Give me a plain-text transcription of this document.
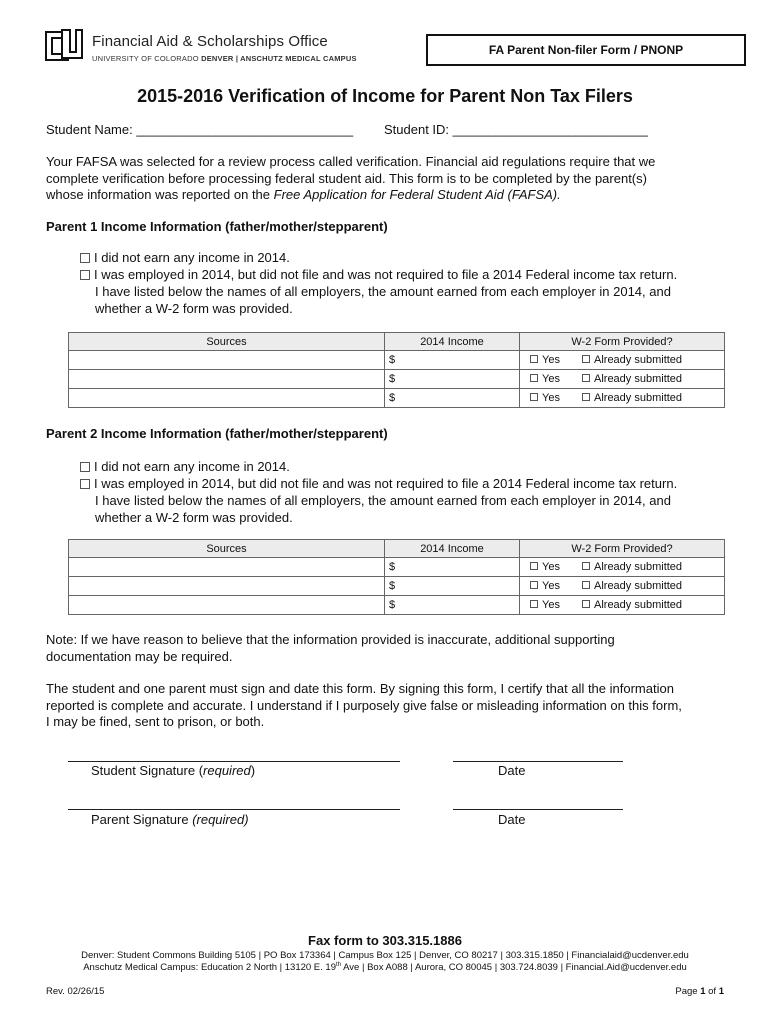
Financial Aid & Scholarships Office
UNIVERSITY OF COLORADO DENVER | ANSCHUTZ MEDICAL CAMPUS
FA Parent Non-filer Form / PNONP
2015-2016 Verification of Income for Parent Non Tax Filers
Student Name: ______________________________ Student ID: ___________________________
Your FAFSA was selected for a review process called verification. Financial aid regulations require that we
complete verification before processing federal student aid. This form is to be completed by the parent(s)
whose information was reported on the Free Application for Federal Student Aid (FAFSA).
Parent 1 Income Information (father/mother/stepparent)
I did not earn any income in 2014.
I was employed in 2014, but did not file and was not required to file a 2014 Federal income tax return.
I have listed below the names of all employers, the amount earned from each employer in 2014, and
whether a W-2 form was provided.
Sources	2014 Income	W-2 Form Provided?
	$	Yes Already submitted
	$	Yes Already submitted
	$	Yes Already submitted
Parent 2 Income Information (father/mother/stepparent)
I did not earn any income in 2014.
I was employed in 2014, but did not file and was not required to file a 2014 Federal income tax return.
I have listed below the names of all employers, the amount earned from each employer in 2014, and
whether a W-2 form was provided.
Sources	2014 Income	W-2 Form Provided?
	$	Yes Already submitted
	$	Yes Already submitted
	$	Yes Already submitted
Note: If we have reason to believe that the information provided is inaccurate, additional supporting
documentation may be required.
The student and one parent must sign and date this form. By signing this form, I certify that all the information
reported is complete and accurate. I understand if I purposely give false or misleading information on this form,
I may be fined, sent to prison, or both.
Student Signature (required)	Date
Parent Signature (required)	Date
Fax form to 303.315.1886
Denver: Student Commons Building 5105 | PO Box 173364 | Campus Box 125 | Denver, CO 80217 | 303.315.1850 | Financialaid@ucdenver.edu
Anschutz Medical Campus: Education 2 North | 13120 E. 19th Ave | Box A088 | Aurora, CO 80045 | 303.724.8039 | Financial.Aid@ucdenver.edu
Rev. 02/26/15	Page 1 of 1
